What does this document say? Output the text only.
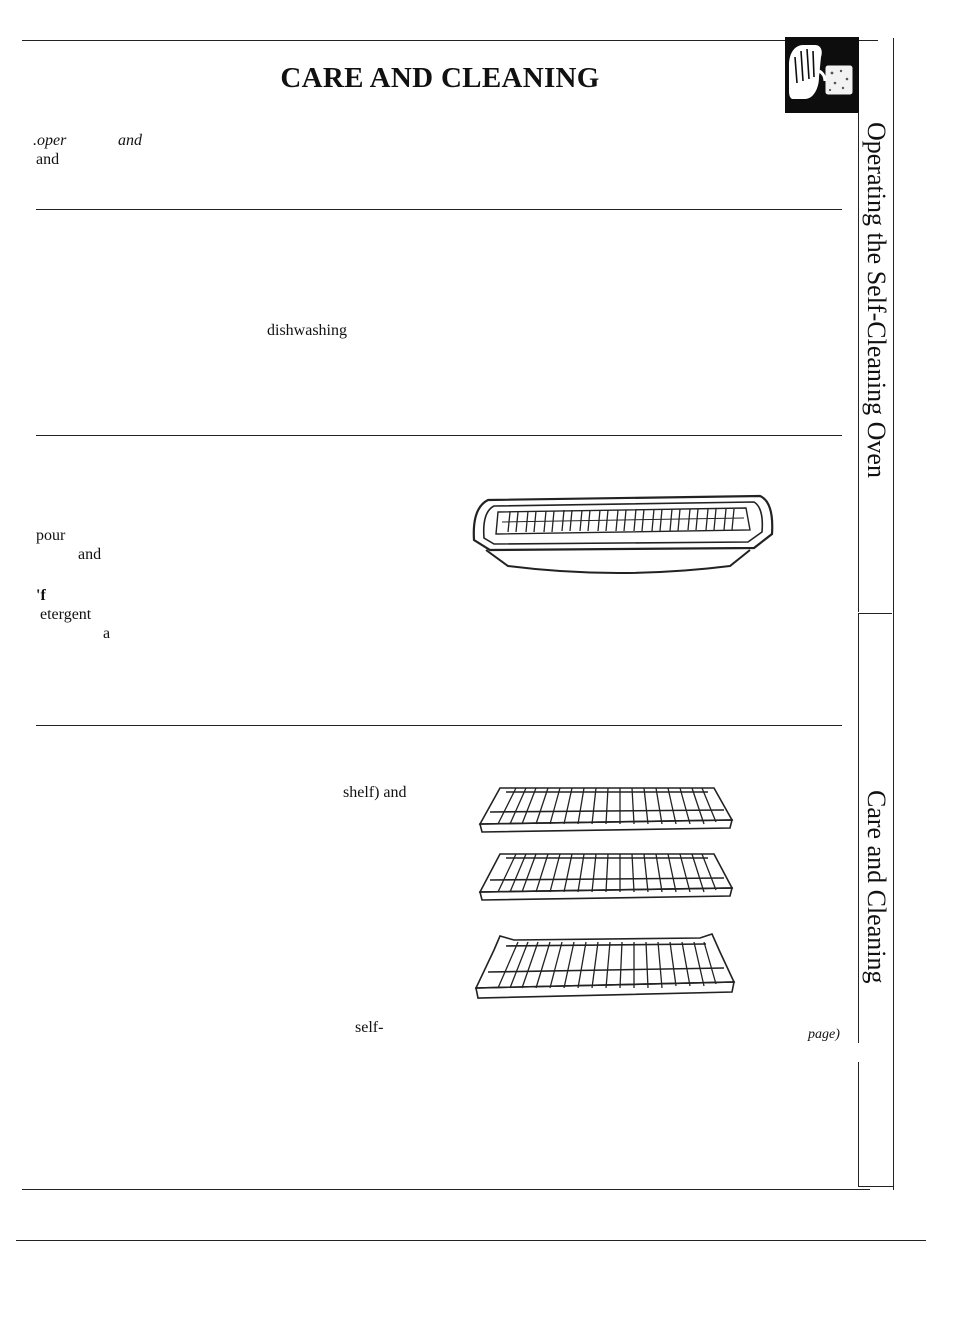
CARE AND CLEANING
Operating the Self-Cleaning Oven
Care and Cleaning
.oper	and
and
dishwashing
pour
and
'f
etergent
a
shelf) and
self-	page)
